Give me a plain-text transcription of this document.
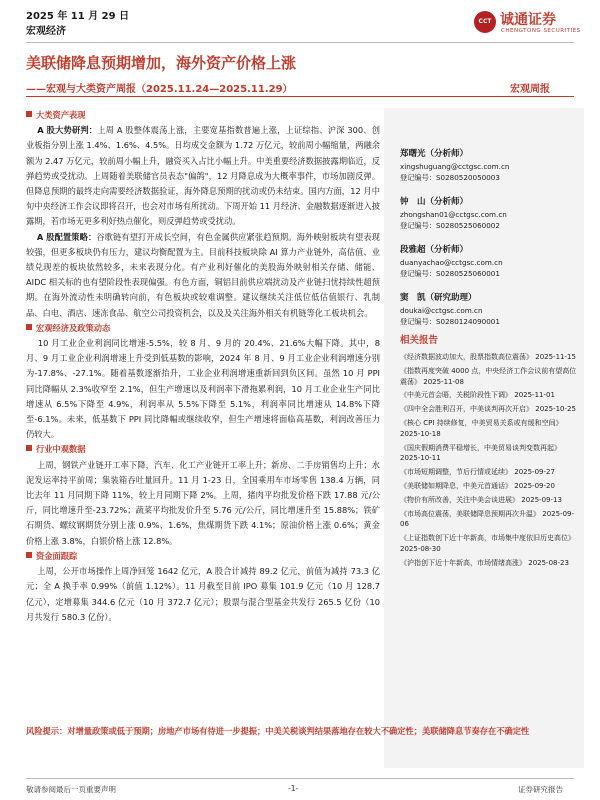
2025 年 11 月 29 日
宏观经济
CCT 诚通证券
CHENGTONG SECURITIES
美联储降息预期增加，海外资产价格上涨
——宏观与大类资产周报（2025.11.24—2025.11.29）	宏观周报
大类资产表现

A 股大势研判：上周 A 股整体震荡上涨，主要宽基指数普遍上涨，上证综指、沪深 300、创业板指分别上涨 1.4%、1.6%、4.5%。日均成交金额为 1.72 万亿元，较前周小幅缩量，两融余额为 2.47 万亿元，较前周小幅上升，融资买入占比小幅上升。中美重要经济数据披露期临近，反弹趋势或受扰动。上周随着美联储官员表态"偏鸽"，12 月降息成为大概率事件，市场加剧反弹。但降息预期的最终走向需要经济数据验证，海外降息预期的扰动或仍未结束。国内方面，12 月中旬中央经济工作会议即将召开，也会对市场有所扰动。下周开始 11 月经济、金融数据逐渐进入披露期，若市场无更多利好热点催化，则反弹趋势或受扰动。

A 股配置策略：谷歌链有望打开成长空间，有色金属供应紧张趋预期。海外映射板块有望表现较强，但更多板块仍有压力，建议均衡配置为主。目前科技板块除 AI 算力产业链外，高估值、业绩兑现差的板块依然较多，未来表现分化。有产业利好催化的美股海外映射相关存储、储能、AIDC 相关标的也有望阶段性表现偏强。有色方面，铜铝目前供应端扰动及产业链扫忧持续性超预期。在海外流动性未明确转向前，有色板块或较难调整。建议继续关注低位低估值银行、乳制品、白电、酒店、速冻食品、航空公司投资机会，以及及关注海外相关有机链等化工板块机会。

宏观经济及政策动态

10 月工业企业利润同比增速-5.5%，较 8 月、9 月的 20.4%、21.6%大幅下降。其中，8 月、9 月工业企业利润增速上升受到低基数的影响，2024 年 8 月、9 月工业企业利润增速分别为-17.8%、-27.1%。随着基数逐渐抬升，工业企业利润增速重新回到负区间。虽然 10 月 PPI 同比降幅从 2.3%收窄至 2.1%，但生产增速以及利润率下滑拖累利润，10 月工业企业生产同比增速从 6.5%下降至 4.9%，利润率从 5.5%下降至 5.1%，利润率同比增速从 14.8%下降至-6.1%。未来，低基数下 PPI 同比降幅或继续收窄，但生产增速将面临高基数，利润改善压力仍较大。

行业中观数据

上周，钢铁产业链开工率下降，汽车、化工产业链开工率上升；新房、二手房销售均上升；水泥发运率持平前周；集装箱吞吐量回升。11 月 1-23 日，全国乘用车市场零售 138.4 万辆，同比去年 11 月同期下降 11%，较上月同期下降 2%。上周，猪肉平均批发价格下跌 17.88 元/公斤，同比增速升至-23.72%；蔬菜平均批发价升至 5.76 元/公斤，同比增速升至 15.88%；铁矿石期货、螺纹钢期货分别上涨 0.9%、1.6%，焦煤期货下跌 4.1%；原油价格上涨 0.6%；黄金价格上涨 3.8%，白银价格上涨 12.8%。

资金面跟踪

上周，公开市场操作上周净回笼 1642 亿元，A 股合计减持 89.2 亿元，前值为减持 73.3 亿元；全 A 换手率 0.99%（前值 1.12%）。11 月截至目前 IPO 募集 101.9 亿元（10 月 128.7 亿元），定增募集 344.6 亿元（10 月 372.7 亿元）；股票与混合型基金共发行 265.5 亿份（10 月共发行 580.3 亿份）。

郑曙光（分析师）
xingshuguang@cctgsc.com.cn
登记编号：S0280520050003
钟　山（分析师）
zhongshan01@cctgsc.com.cn
登记编号：S0280525060002
段雅超（分析师）
duanyachao@cctgsc.com.cn
登记编号：S0280525060001
窦　凯（研究助理）
doukai@cctgsc.com.cn
登记编号：S0280124090001
相关报告
《经济数据波动加大，股票指数高位震荡》 2025-11-15
《指数再度突破 4000 点，中央经济工作会议前有望高位震荡》 2025-11-08
《中美元首会晤，关税阶段性下调》 2025-11-01
《四中全会胜利召开，中美谈判再次开启》 2025-10-25
《核心 CPI 持续修复，中美贸易关系或有缓和空间》 2025-10-18
《国庆假期消费平稳增长，中美贸易谈判变数再起》 2025-10-11
《市场短期调整，节后行情或延续》 2025-09-27
《美联储如期降息，中美元首通话》 2025-09-20
《物价有所改善，关注中美会谈进展》 2025-09-13
《市场高位震荡，美联储降息预期再次升温》 2025-09-06
《上证指数创下近十年新高，市场集中度依旧历史高位》 2025-08-30
《沪指创下近十年新高，市场情绪高涨》 2025-08-23
风险提示：对增量政策或低于预期；房地产市场有待进一步提振；中美关税谈判结果落地存在较大不确定性；美联储降息节奏存在不确定性
敬请参阅最后一页重要声明	-1-	证券研究报告
